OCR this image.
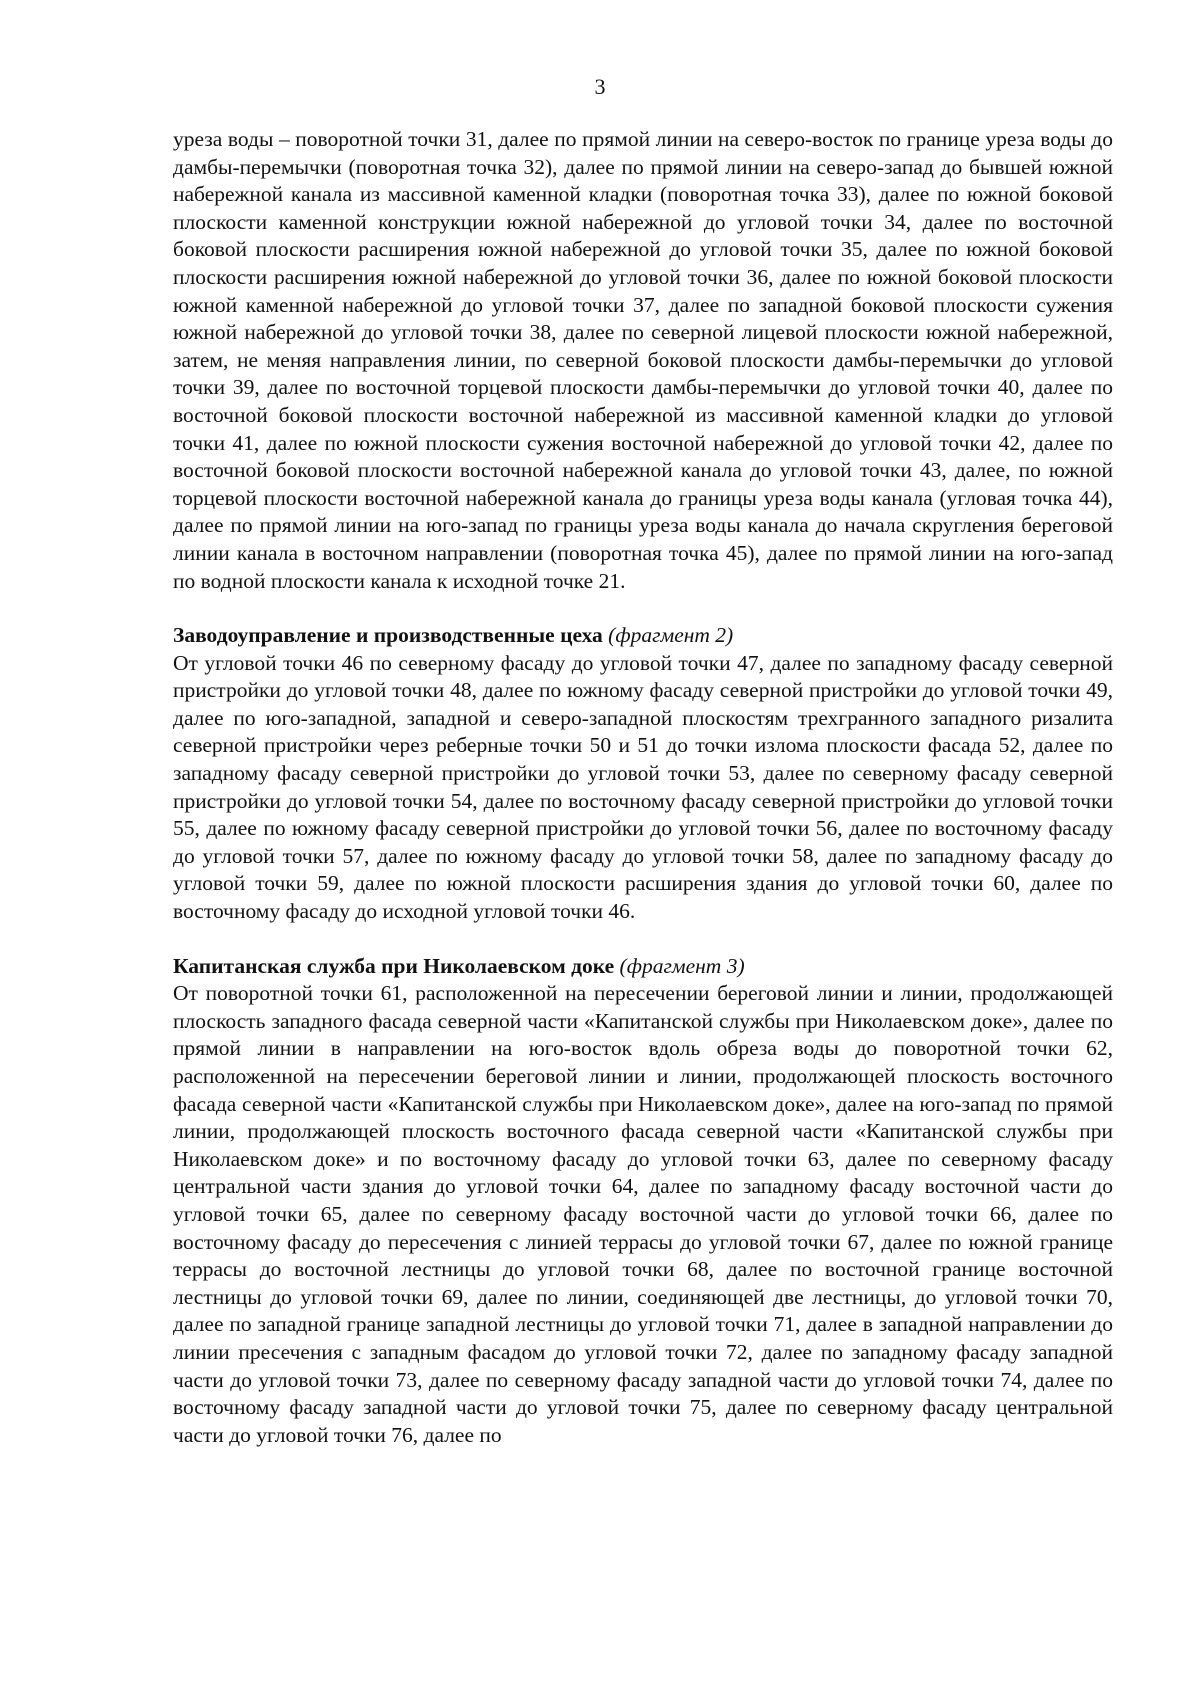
3

уреза воды – поворотной точки 31, далее по прямой линии на северо-восток по границе уреза воды до дамбы-перемычки (поворотная точка 32), далее по прямой линии на северо-запад до бывшей южной набережной канала из массивной каменной кладки (поворотная точка 33), далее по южной боковой плоскости каменной конструкции южной набережной до угловой точки 34, далее по восточной боковой плоскости расширения южной набережной до угловой точки 35, далее по южной боковой плоскости расширения южной набережной до угловой точки 36, далее по южной боковой плоскости южной каменной набережной до угловой точки 37, далее по западной боковой плоскости сужения южной набережной до угловой точки 38, далее по северной лицевой плоскости южной набережной, затем, не меняя направления линии, по северной боковой плоскости дамбы-перемычки до угловой точки 39, далее по восточной торцевой плоскости дамбы-перемычки до угловой точки 40, далее по восточной боковой плоскости восточной набережной из массивной каменной кладки до угловой точки 41, далее по южной плоскости сужения восточной набережной до угловой точки 42, далее по восточной боковой плоскости восточной набережной канала до угловой точки 43, далее, по южной торцевой плоскости восточной набережной канала до границы уреза воды канала (угловая точка 44), далее по прямой линии на юго-запад по границы уреза воды канала до начала скругления береговой линии канала в восточном направлении (поворотная точка 45), далее по прямой линии на юго-запад по водной плоскости канала к исходной точке 21.

Заводоуправление и производственные цеха (фрагмент 2)

От угловой точки 46 по северному фасаду до угловой точки 47, далее по западному фасаду северной пристройки до угловой точки 48, далее по южному фасаду северной пристройки до угловой точки 49, далее по юго-западной, западной и северо-западной плоскостям трехгранного западного ризалита северной пристройки через реберные точки 50 и 51 до точки излома плоскости фасада 52, далее по западному фасаду северной пристройки до угловой точки 53, далее по северному фасаду северной пристройки до угловой точки 54, далее по восточному фасаду северной пристройки до угловой точки 55, далее по южному фасаду северной пристройки до угловой точки 56, далее по восточному фасаду до угловой точки 57, далее по южному фасаду до угловой точки 58, далее по западному фасаду до угловой точки 59, далее по южной плоскости расширения здания до угловой точки 60, далее по восточному фасаду до исходной угловой точки 46.

Капитанская служба при Николаевском доке (фрагмент 3)

От поворотной точки 61, расположенной на пересечении береговой линии и линии, продолжающей плоскость западного фасада северной части «Капитанской службы при Николаевском доке», далее по прямой линии в направлении на юго-восток вдоль обреза воды до поворотной точки 62, расположенной на пересечении береговой линии и линии, продолжающей плоскость восточного фасада северной части «Капитанской службы при Николаевском доке», далее на юго-запад по прямой линии, продолжающей плоскость восточного фасада северной части «Капитанской службы при Николаевском доке» и по восточному фасаду до угловой точки 63, далее по северному фасаду центральной части здания до угловой точки 64, далее по западному фасаду восточной части до угловой точки 65, далее по северному фасаду восточной части до угловой точки 66, далее по восточному фасаду до пересечения с линией террасы до угловой точки 67, далее по южной границе террасы до восточной лестницы до угловой точки 68, далее по восточной границе восточной лестницы до угловой точки 69, далее по линии, соединяющей две лестницы, до угловой точки 70, далее по западной границе западной лестницы до угловой точки 71, далее в западной направлении до линии пресечения с западным фасадом до угловой точки 72, далее по западному фасаду западной части до угловой точки 73, далее по северному фасаду западной части до угловой точки 74, далее по восточному фасаду западной части до угловой точки 75, далее по северному фасаду центральной части до угловой точки 76, далее по
